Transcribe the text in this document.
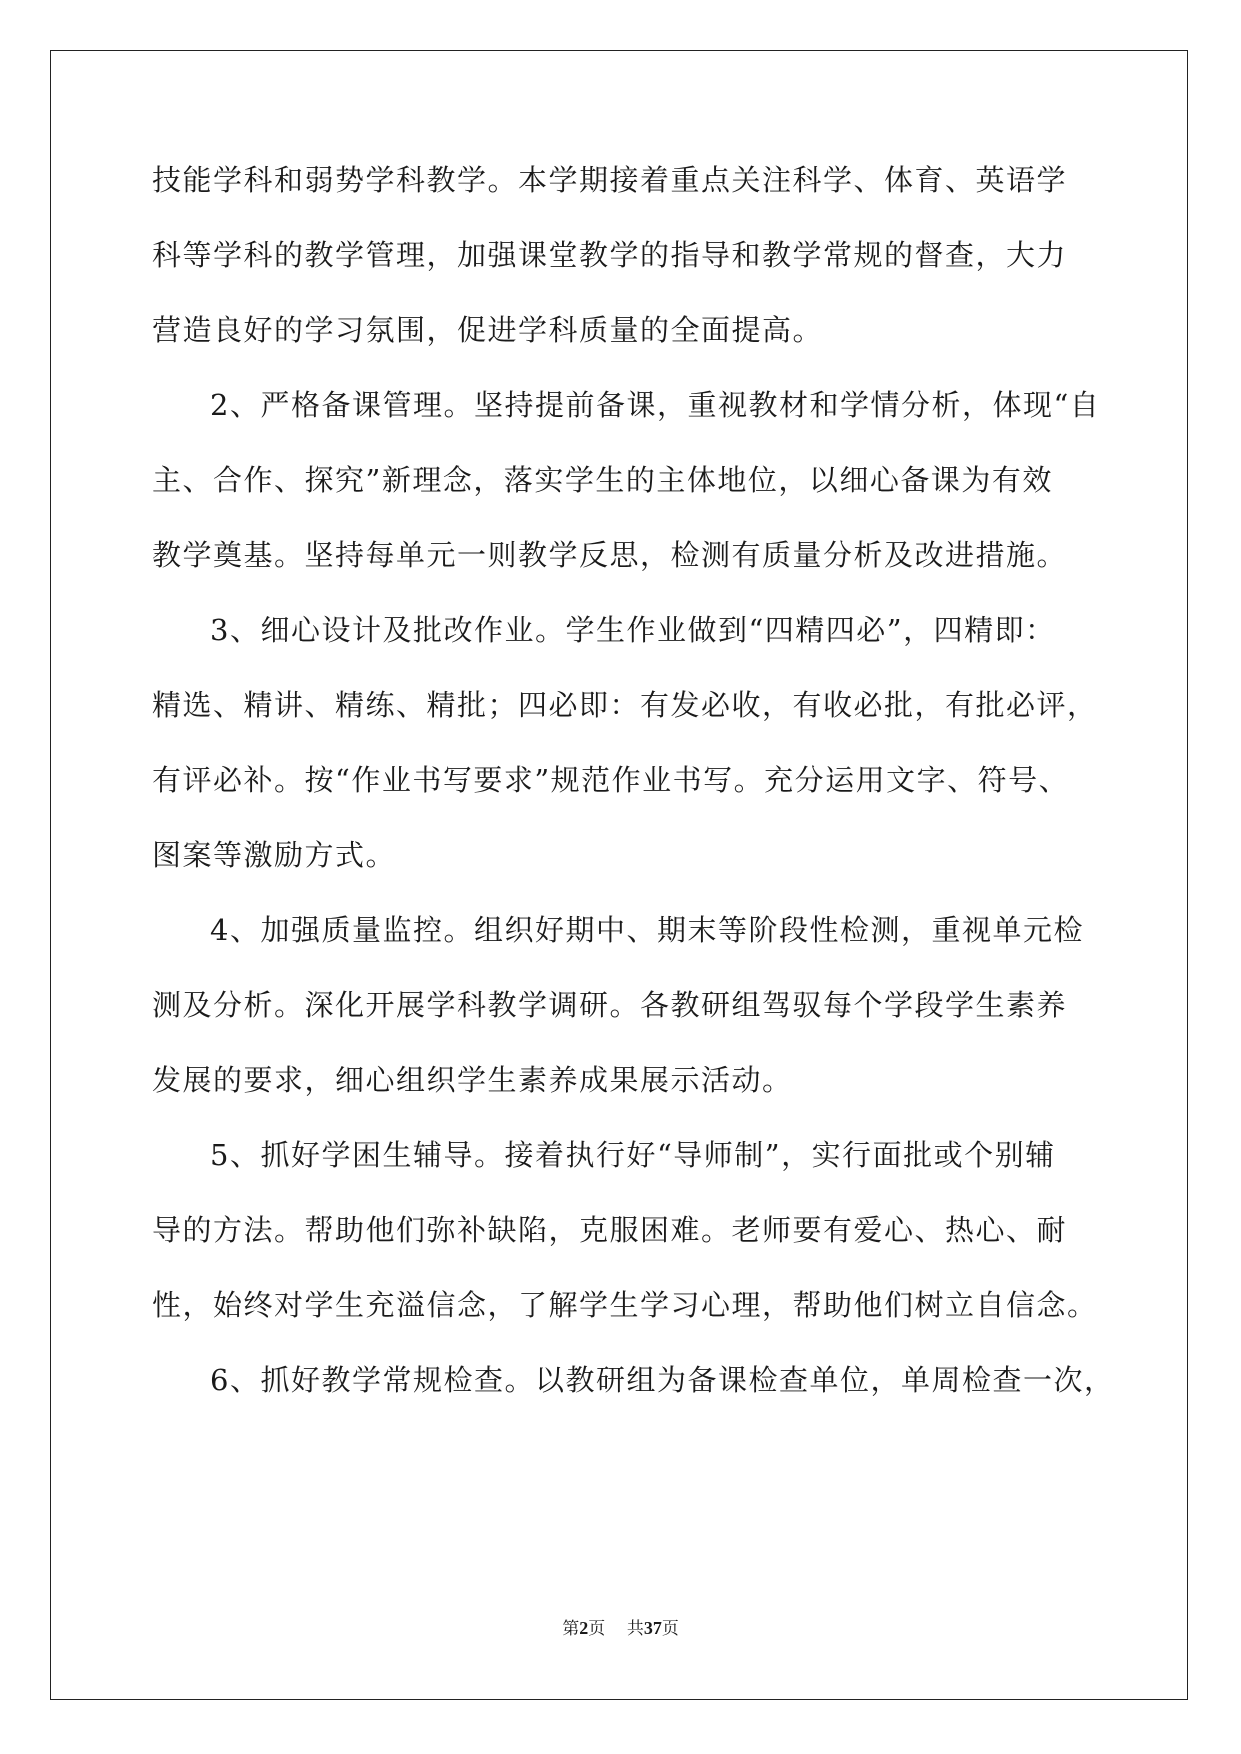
技能学科和弱势学科教学。本学期接着重点关注科学、体育、英语学
科等学科的教学管理，加强课堂教学的指导和教学常规的督查，大力
营造良好的学习氛围，促进学科质量的全面提高。
2、严格备课管理。坚持提前备课，重视教材和学情分析，体现“自
主、合作、探究”新理念，落实学生的主体地位，以细心备课为有效
教学奠基。坚持每单元一则教学反思，检测有质量分析及改进措施。
3、细心设计及批改作业。学生作业做到“四精四必”，四精即：
精选、精讲、精练、精批；四必即：有发必收，有收必批，有批必评，
有评必补。按“作业书写要求”规范作业书写。充分运用文字、符号、
图案等激励方式。
4、加强质量监控。组织好期中、期末等阶段性检测，重视单元检
测及分析。深化开展学科教学调研。各教研组驾驭每个学段学生素养
发展的要求，细心组织学生素养成果展示活动。
5、抓好学困生辅导。接着执行好“导师制”，实行面批或个别辅
导的方法。帮助他们弥补缺陷，克服困难。老师要有爱心、热心、耐
性，始终对学生充溢信念，了解学生学习心理，帮助他们树立自信念。
6、抓好教学常规检查。以教研组为备课检查单位，单周检查一次，
第2页 共37页
